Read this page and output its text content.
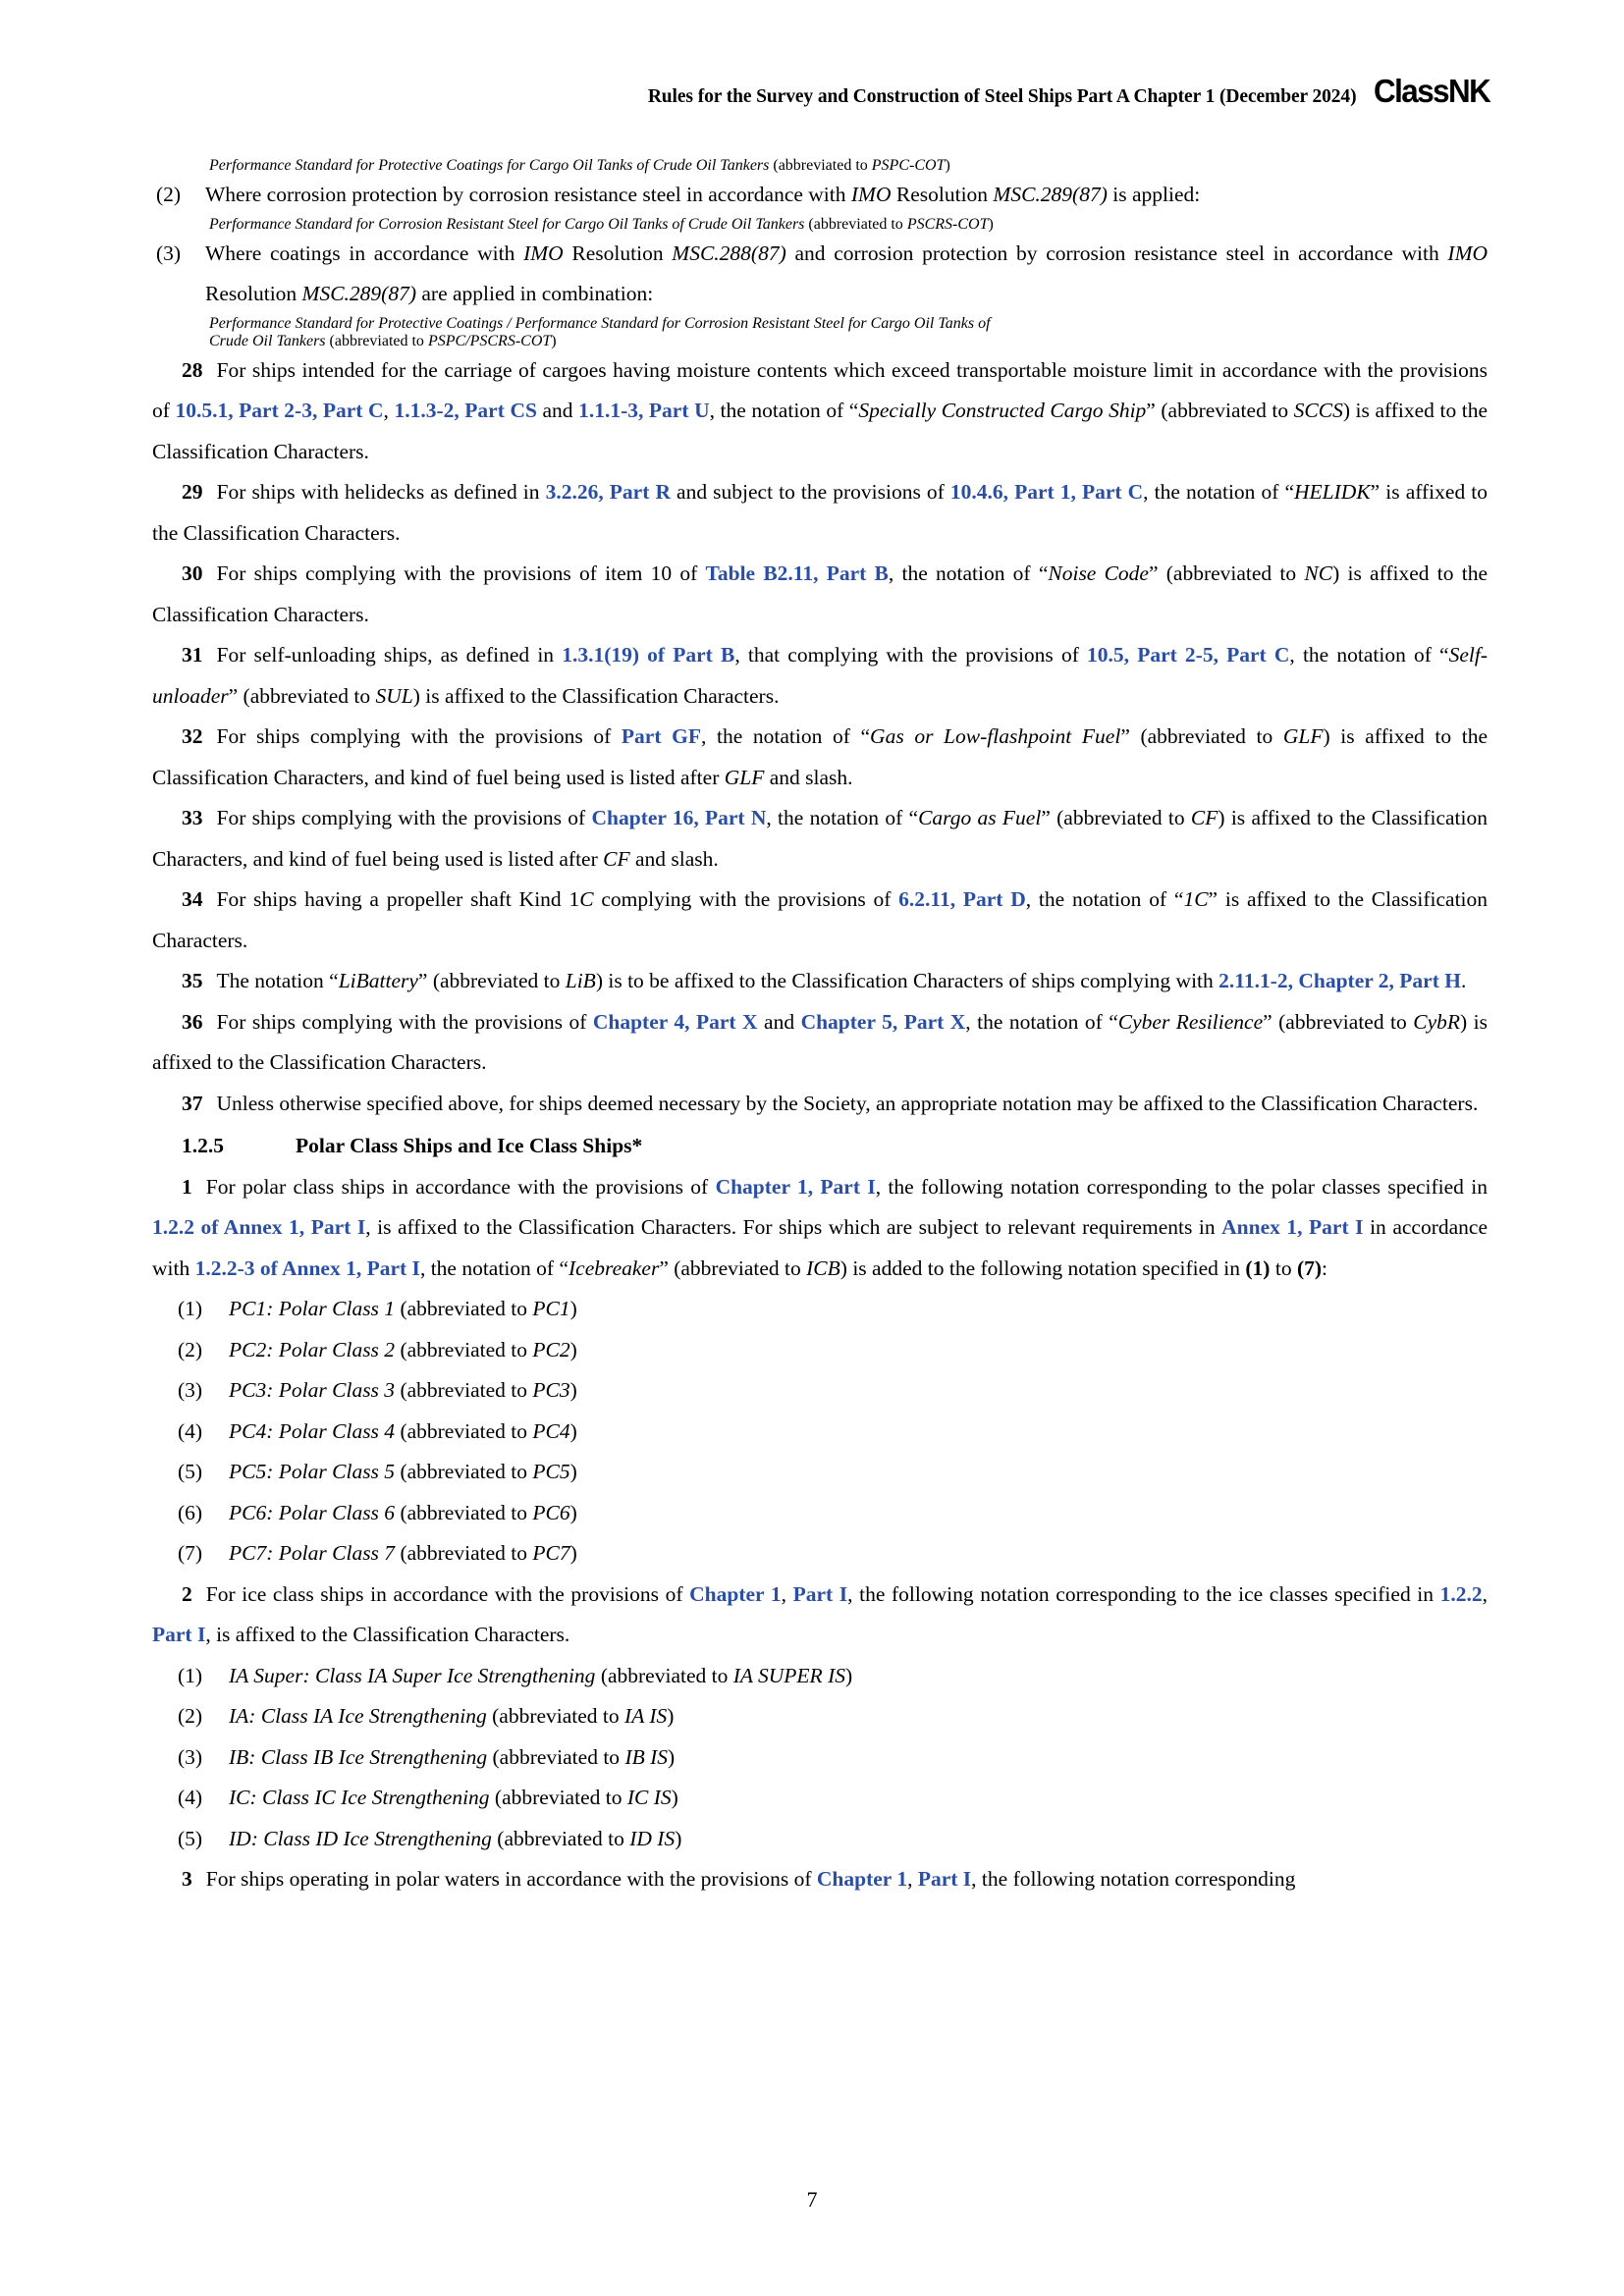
Rules for the Survey and Construction of Steel Ships Part A Chapter 1 (December 2024) ClassNK
Performance Standard for Protective Coatings for Cargo Oil Tanks of Crude Oil Tankers (abbreviated to PSPC-COT)
(2)	Where corrosion protection by corrosion resistance steel in accordance with IMO Resolution MSC.289(87) is applied:
Performance Standard for Corrosion Resistant Steel for Cargo Oil Tanks of Crude Oil Tankers (abbreviated to PSCRS-COT)
(3)	Where coatings in accordance with IMO Resolution MSC.288(87) and corrosion protection by corrosion resistance steel in accordance with IMO Resolution MSC.289(87) are applied in combination:
Performance Standard for Protective Coatings / Performance Standard for Corrosion Resistant Steel for Cargo Oil Tanks of
Crude Oil Tankers (abbreviated to PSPC/PSCRS-COT)

28 For ships intended for the carriage of cargoes having moisture contents which exceed transportable moisture limit in accordance with the provisions of 10.5.1, Part 2-3, Part C, 1.1.3-2, Part CS and 1.1.1-3, Part U, the notation of “Specially Constructed Cargo Ship” (abbreviated to SCCS) is affixed to the Classification Characters.

29 For ships with helidecks as defined in 3.2.26, Part R and subject to the provisions of 10.4.6, Part 1, Part C, the notation of “HELIDK” is affixed to the Classification Characters.

30 For ships complying with the provisions of item 10 of Table B2.11, Part B, the notation of “Noise Code” (abbreviated to NC) is affixed to the Classification Characters.

31 For self-unloading ships, as defined in 1.3.1(19) of Part B, that complying with the provisions of 10.5, Part 2-5, Part C, the notation of “Self-unloader” (abbreviated to SUL) is affixed to the Classification Characters.

32 For ships complying with the provisions of Part GF, the notation of “Gas or Low-flashpoint Fuel” (abbreviated to GLF) is affixed to the Classification Characters, and kind of fuel being used is listed after GLF and slash.

33 For ships complying with the provisions of Chapter 16, Part N, the notation of “Cargo as Fuel” (abbreviated to CF) is affixed to the Classification Characters, and kind of fuel being used is listed after CF and slash.

34 For ships having a propeller shaft Kind 1C complying with the provisions of 6.2.11, Part D, the notation of “1C” is affixed to the Classification Characters.

35 The notation “LiBattery” (abbreviated to LiB) is to be affixed to the Classification Characters of ships complying with 2.11.1-2, Chapter 2, Part H.

36 For ships complying with the provisions of Chapter 4, Part X and Chapter 5, Part X, the notation of “Cyber Resilience” (abbreviated to CybR) is affixed to the Classification Characters.

37 Unless otherwise specified above, for ships deemed necessary by the Society, an appropriate notation may be affixed to the Classification Characters.

1.2.5	Polar Class Ships and Ice Class Ships*

1 For polar class ships in accordance with the provisions of Chapter 1, Part I, the following notation corresponding to the polar classes specified in 1.2.2 of Annex 1, Part I, is affixed to the Classification Characters. For ships which are subject to relevant requirements in Annex 1, Part I in accordance with 1.2.2-3 of Annex 1, Part I, the notation of “Icebreaker” (abbreviated to ICB) is added to the following notation specified in (1) to (7):

(1)	PC1: Polar Class 1 (abbreviated to PC1)
(2)	PC2: Polar Class 2 (abbreviated to PC2)
(3)	PC3: Polar Class 3 (abbreviated to PC3)
(4)	PC4: Polar Class 4 (abbreviated to PC4)
(5)	PC5: Polar Class 5 (abbreviated to PC5)
(6)	PC6: Polar Class 6 (abbreviated to PC6)
(7)	PC7: Polar Class 7 (abbreviated to PC7)

2 For ice class ships in accordance with the provisions of Chapter 1, Part I, the following notation corresponding to the ice classes specified in 1.2.2, Part I, is affixed to the Classification Characters.

(1)	IA Super: Class IA Super Ice Strengthening (abbreviated to IA SUPER IS)
(2)	IA: Class IA Ice Strengthening (abbreviated to IA IS)
(3)	IB: Class IB Ice Strengthening (abbreviated to IB IS)
(4)	IC: Class IC Ice Strengthening (abbreviated to IC IS)
(5)	ID: Class ID Ice Strengthening (abbreviated to ID IS)

3 For ships operating in polar waters in accordance with the provisions of Chapter 1, Part I, the following notation corresponding

7
